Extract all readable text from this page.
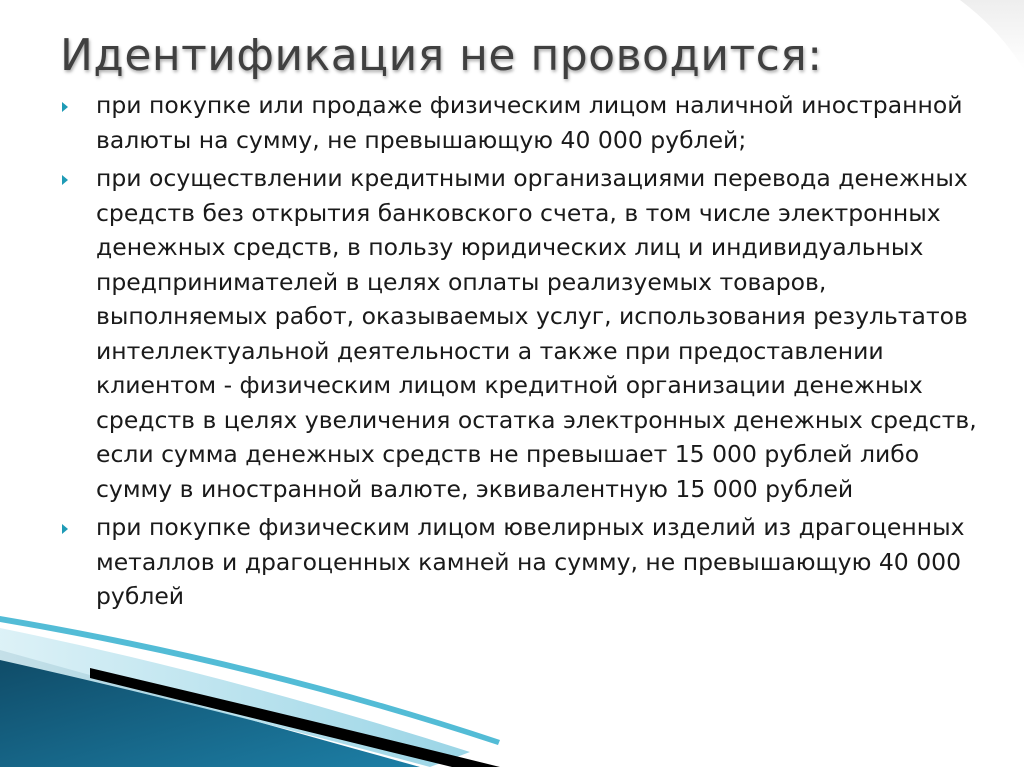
Идентификация не проводится:
при покупке или продаже физическим лицом наличной иностранной валюты на сумму, не превышающую 40 000 рублей;
при осуществлении кредитными организациями перевода денежных средств без открытия банковского счета, в том числе электронных денежных средств, в пользу юридических лиц и индивидуальных предпринимателей в целях оплаты реализуемых товаров, выполняемых работ, оказываемых услуг, использования результатов интеллектуальной деятельности а также при предоставлении клиентом - физическим лицом кредитной организации денежных средств в целях увеличения остатка электронных денежных средств, если сумма денежных средств не превышает 15 000 рублей либо сумму в иностранной валюте, эквивалентную 15 000 рублей
при покупке физическим лицом ювелирных изделий из драгоценных металлов и драгоценных камней на сумму, не превышающую 40 000 рублей
